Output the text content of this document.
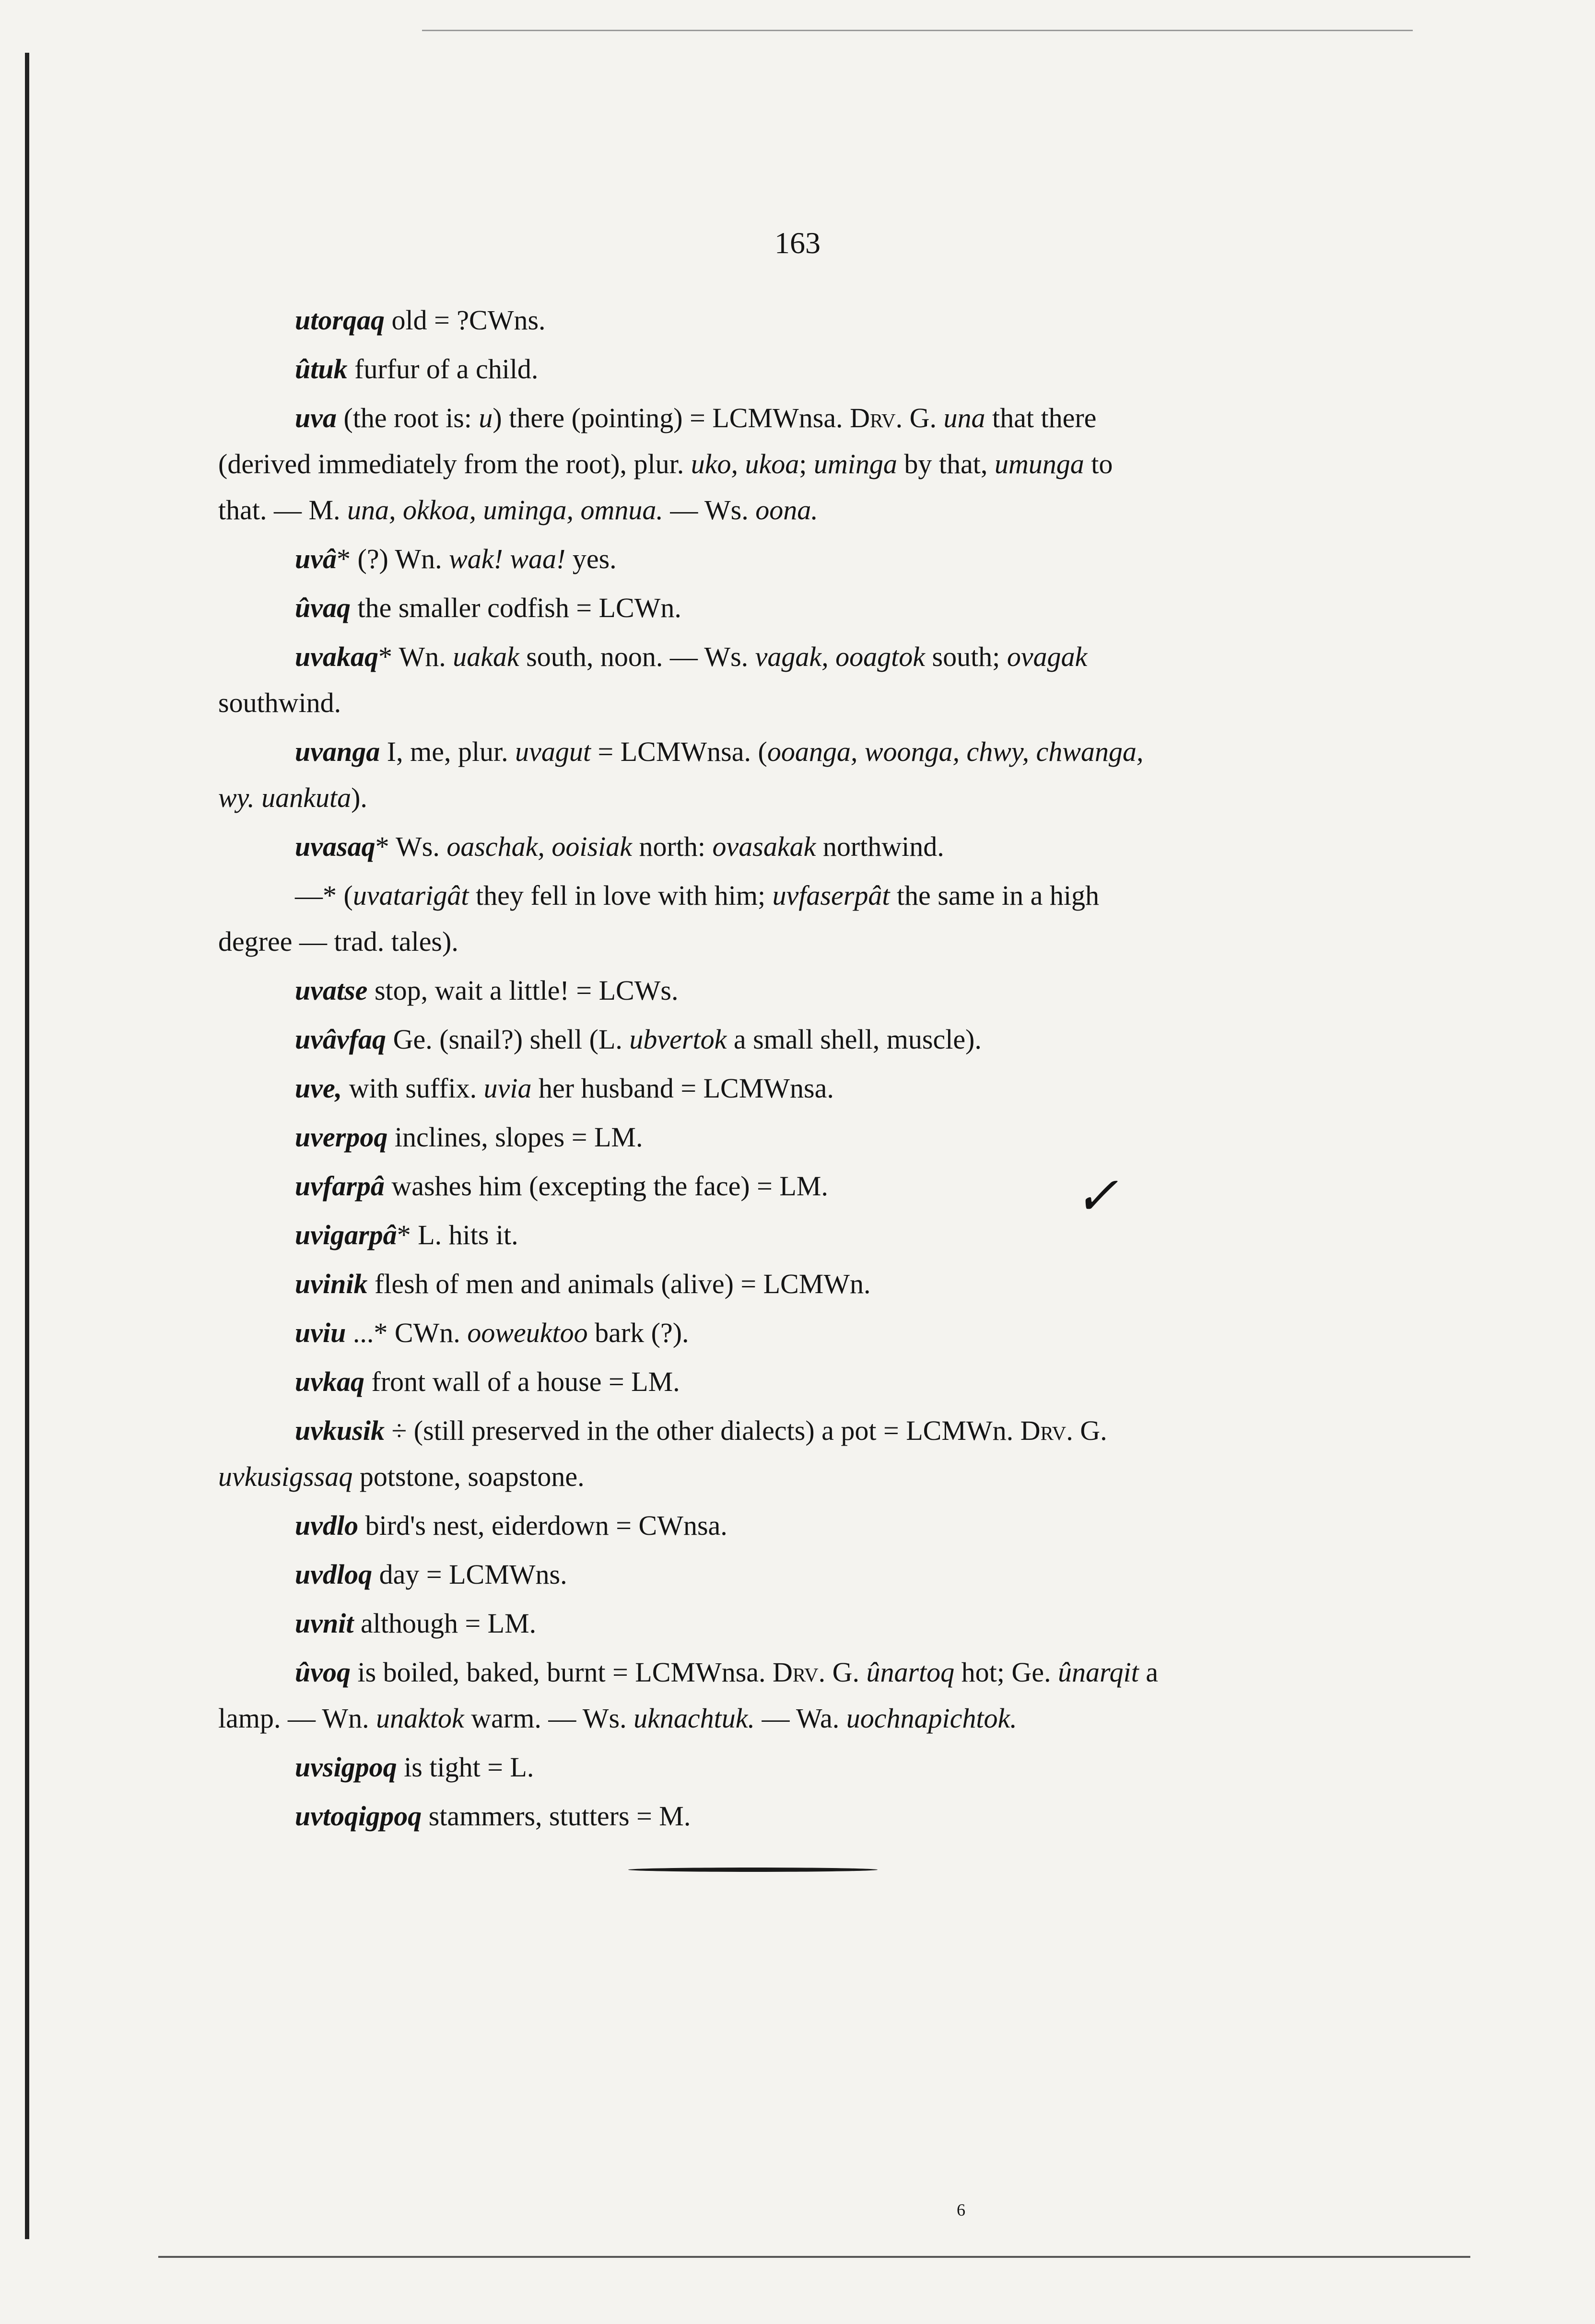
163

utorqaq old = ?CWns.

ûtuk furfur of a child.

uva (the root is: u) there (pointing) = LCMWnsa. Drv. G. una that there (derived immediately from the root), plur. uko, ukoa; uminga by that, umunga to that. — M. una, okkoa, uminga, omnua. — Ws. oona.

uvâ* (?) Wn. wak! waa! yes.

ûvaq the smaller codfish = LCWn.

uvakaq* Wn. uakak south, noon. — Ws. vagak, ooagtok south; ovagak southwind.

uvanga I, me, plur. uvagut = LCMWnsa. (ooanga, woonga, chwy, chwanga, wy. uankuta).

uvasaq* Ws. oaschak, ooisiak north: ovasakak northwind.

—* (uvatarigât they fell in love with him; uvfaserpât the same in a high degree — trad. tales).

uvatse stop, wait a little! = LCWs.

uvâvfaq Ge. (snail?) shell (L. ubvertok a small shell, muscle).

uve, with suffix. uvia her husband = LCMWnsa.

uverpoq inclines, slopes = LM.

uvfarpâ washes him (excepting the face) = LM.

uvigarpâ* L. hits it.

uvinik flesh of men and animals (alive) = LCMWn.

uviu ...* CWn. ooweuktoo bark (?).

uvkaq front wall of a house = LM.

uvkusik ÷ (still preserved in the other dialects) a pot = LCMWn. Drv. G. uvkusigssaq potstone, soapstone.

uvdlo bird's nest, eiderdown = CWnsa.

uvdloq day = LCMWns.

uvnit although = LM.

ûvoq is boiled, baked, burnt = LCMWnsa. Drv. G. ûnartoq hot; Ge. ûnarqit a lamp. — Wn. unaktok warm. — Ws. uknachtuk. — Wa. uochnapichtok.

uvsigpoq is tight = L.

uvtoqigpoq stammers, stutters = M.

✓
6
